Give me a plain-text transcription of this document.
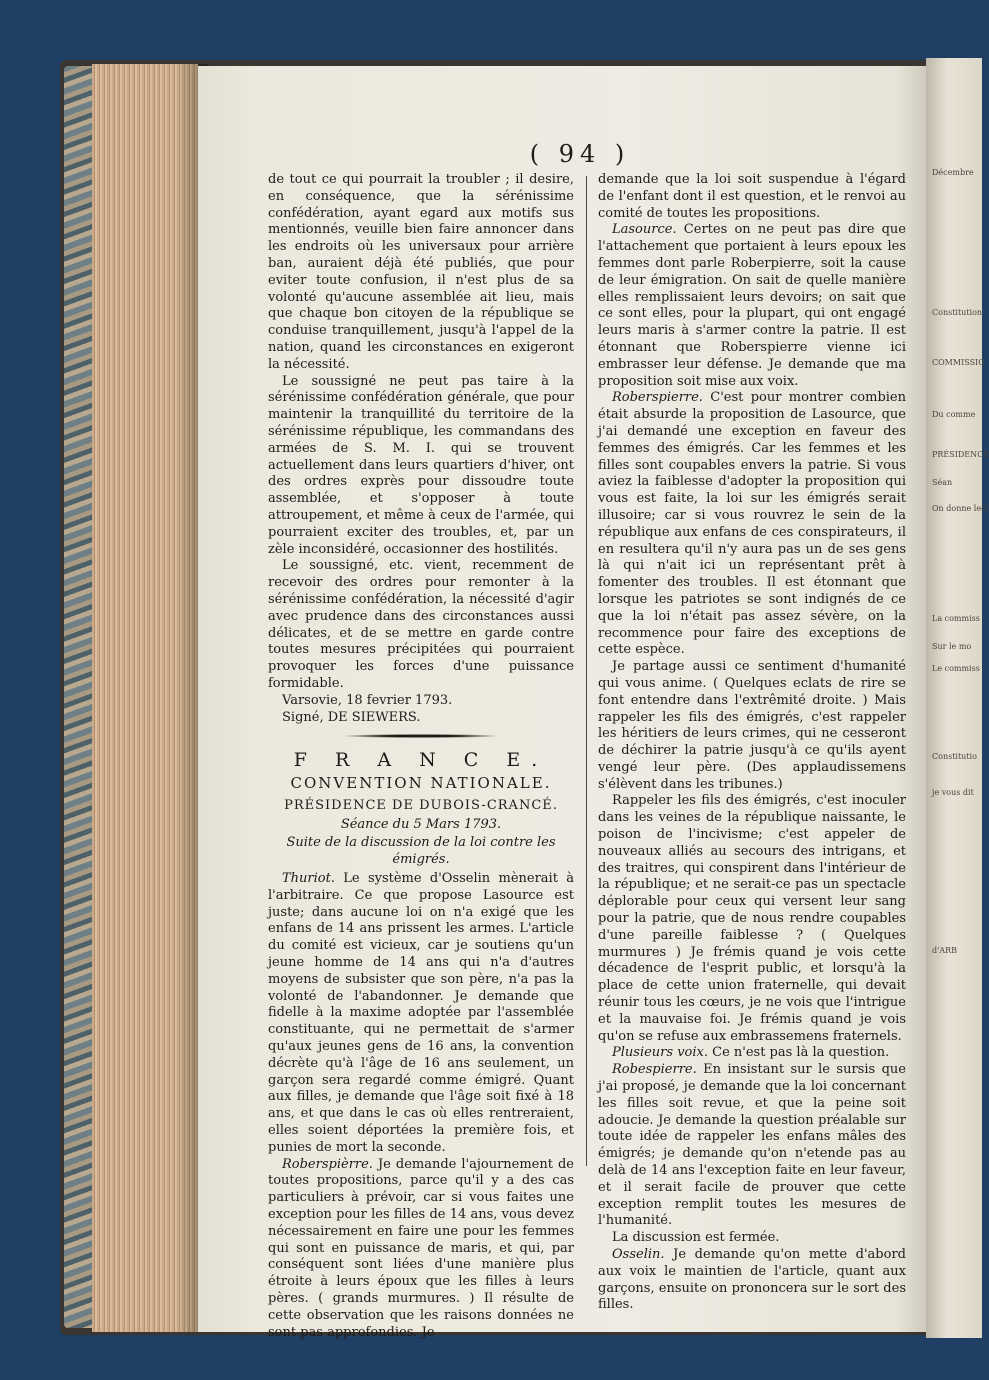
Décembre
Constitution
COMMISSIO
Du comme
PRÉSIDENCE
Séan
On donne lect
La commiss
Sur le mo
Le commiss
Constitutio
je vous dit
d'ARB
( 94 )

de tout ce qui pourrait la troubler ; il desire, en conséquence, que la sérénissime confédération, ayant egard aux motifs sus mentionnés, veuille bien faire annoncer dans les endroits où les universaux pour arrière ban, auraient déjà été publiés, que pour eviter toute confusion, il n'est plus de sa volonté qu'aucune assemblée ait lieu, mais que chaque bon citoyen de la république se conduise tranquillement, jusqu'à l'appel de la nation, quand les circonstances en exigeront la nécessité.

Le soussigné ne peut pas taire à la sérénissime confédération générale, que pour maintenir la tranquillité du territoire de la sérénissime république, les commandans des armées de S. M. I. qui se trouvent actuellement dans leurs quartiers d'hiver, ont des ordres exprès pour dissoudre toute assemblée, et s'opposer à toute attroupement, et même à ceux de l'armée, qui pourraient exciter des troubles, et, par un zèle inconsidéré, occasionner des hostilités.

Le soussigné, etc. vient, recemment de recevoir des ordres pour remonter à la sérénissime confédération, la nécessité d'agir avec prudence dans des circonstances aussi délicates, et de se mettre en garde contre toutes mesures précipitées qui pourraient provoquer les forces d'une puissance formidable.

Varsovie, 18 fevrier 1793.

Signé, DE SIEWERS.

F R A N C E.
CONVENTION NATIONALE.
PRÉSIDENCE DE DUBOIS-CRANCÉ.
Séance du 5 Mars 1793.
Suite de la discussion de la loi contre les émigrés.

Thuriot. Le système d'Osselin mènerait à l'arbitraire. Ce que propose Lasource est juste; dans aucune loi on n'a exigé que les enfans de 14 ans prissent les armes. L'article du comité est vicieux, car je soutiens qu'un jeune homme de 14 ans qui n'a d'autres moyens de subsister que son père, n'a pas la volonté de l'abandonner. Je demande que fidelle à la maxime adoptée par l'assemblée constituante, qui ne permettait de s'armer qu'aux jeunes gens de 16 ans, la convention décrète qu'à l'âge de 16 ans seulement, un garçon sera regardé comme émigré. Quant aux filles, je demande que l'âge soit fixé à 18 ans, et que dans le cas où elles rentreraient, elles soient déportées la première fois, et punies de mort la seconde.

Roberspièrre. Je demande l'ajournement de toutes propositions, parce qu'il y a des cas particuliers à prévoir, car si vous faites une exception pour les filles de 14 ans, vous devez nécessairement en faire une pour les femmes qui sont en puissance de maris, et qui, par conséquent sont liées d'une manière plus étroite à leurs époux que les filles à leurs pères. ( grands murmures. ) Il résulte de cette observation que les raisons données ne sont pas approfondies. Je

demande que la loi soit suspendue à l'égard de l'enfant dont il est question, et le renvoi au comité de toutes les propositions.

Lasource. Certes on ne peut pas dire que l'attachement que portaient à leurs epoux les femmes dont parle Roberpierre, soit la cause de leur émigration. On sait de quelle manière elles remplissaient leurs devoirs; on sait que ce sont elles, pour la plupart, qui ont engagé leurs maris à s'armer contre la patrie. Il est étonnant que Roberspierre vienne ici embrasser leur défense. Je demande que ma proposition soit mise aux voix.

Roberspierre. C'est pour montrer combien était absurde la proposition de Lasource, que j'ai demandé une exception en faveur des femmes des émigrés. Car les femmes et les filles sont coupables envers la patrie. Si vous aviez la faiblesse d'adopter la proposition qui vous est faite, la loi sur les émigrés serait illusoire; car si vous rouvrez le sein de la république aux enfans de ces conspirateurs, il en resultera qu'il n'y aura pas un de ses gens là qui n'ait ici un représentant prêt à fomenter des troubles. Il est étonnant que lorsque les patriotes se sont indignés de ce que la loi n'était pas assez sévère, on la recommence pour faire des exceptions de cette espèce.

Je partage aussi ce sentiment d'humanité qui vous anime. ( Quelques eclats de rire se font entendre dans l'extrêmité droite. ) Mais rappeler les fils des émigrés, c'est rappeler les héritiers de leurs crimes, qui ne cesseront de déchirer la patrie jusqu'à ce qu'ils ayent vengé leur père. (Des applaudissemens s'élèvent dans les tribunes.)

Rappeler les fils des émigrés, c'est inoculer dans les veines de la république naissante, le poison de l'incivisme; c'est appeler de nouveaux alliés au secours des intrigans, et des traitres, qui conspirent dans l'intérieur de la république; et ne serait-ce pas un spectacle déplorable pour ceux qui versent leur sang pour la patrie, que de nous rendre coupables d'une pareille faiblesse ? ( Quelques murmures ) Je frémis quand je vois cette décadence de l'esprit public, et lorsqu'à la place de cette union fraternelle, qui devait réunir tous les cœurs, je ne vois que l'intrigue et la mauvaise foi. Je frémis quand je vois qu'on se refuse aux embrassemens fraternels.

Plusieurs voix. Ce n'est pas là la question.

Robespierre. En insistant sur le sursis que j'ai proposé, je demande que la loi concernant les filles soit revue, et que la peine soit adoucie. Je demande la question préalable sur toute idée de rappeler les enfans mâles des émigrés; je demande qu'on n'etende pas au delà de 14 ans l'exception faite en leur faveur, et il serait facile de prouver que cette exception remplit toutes les mesures de l'humanité.

La discussion est fermée.

Osselin. Je demande qu'on mette d'abord aux voix le maintien de l'article, quant aux garçons, ensuite on prononcera sur le sort des filles.
